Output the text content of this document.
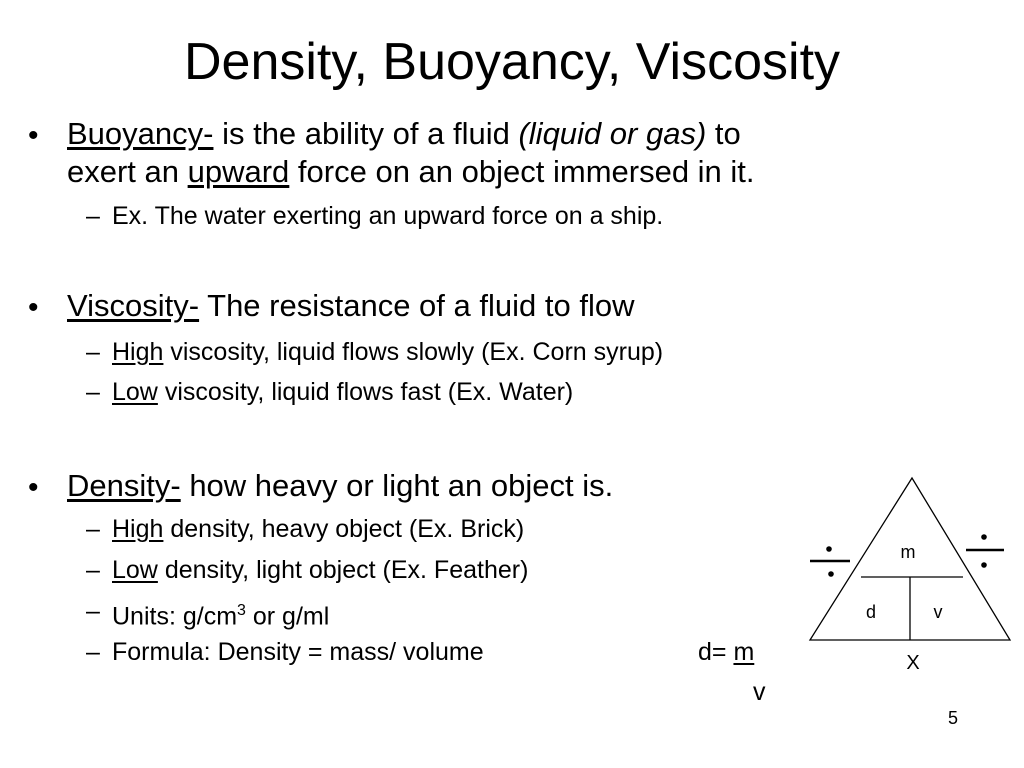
Density, Buoyancy, Viscosity
• Buoyancy- is the ability of a fluid (liquid or gas) to
exert an upward force on an object immersed in it.
– Ex. The water exerting an upward force on a ship.
• Viscosity- The resistance of a fluid to flow
– High viscosity, liquid flows slowly (Ex. Corn syrup)
– Low viscosity, liquid flows fast (Ex. Water)
• Density- how heavy or light an object is.
– High density, heavy object (Ex. Brick)
– Low density, light object (Ex. Feather)
– Units: $g/cm^3$ or g/ml
– Formula: Density = mass/ volume	d= m
v
m
d	v
X
5
